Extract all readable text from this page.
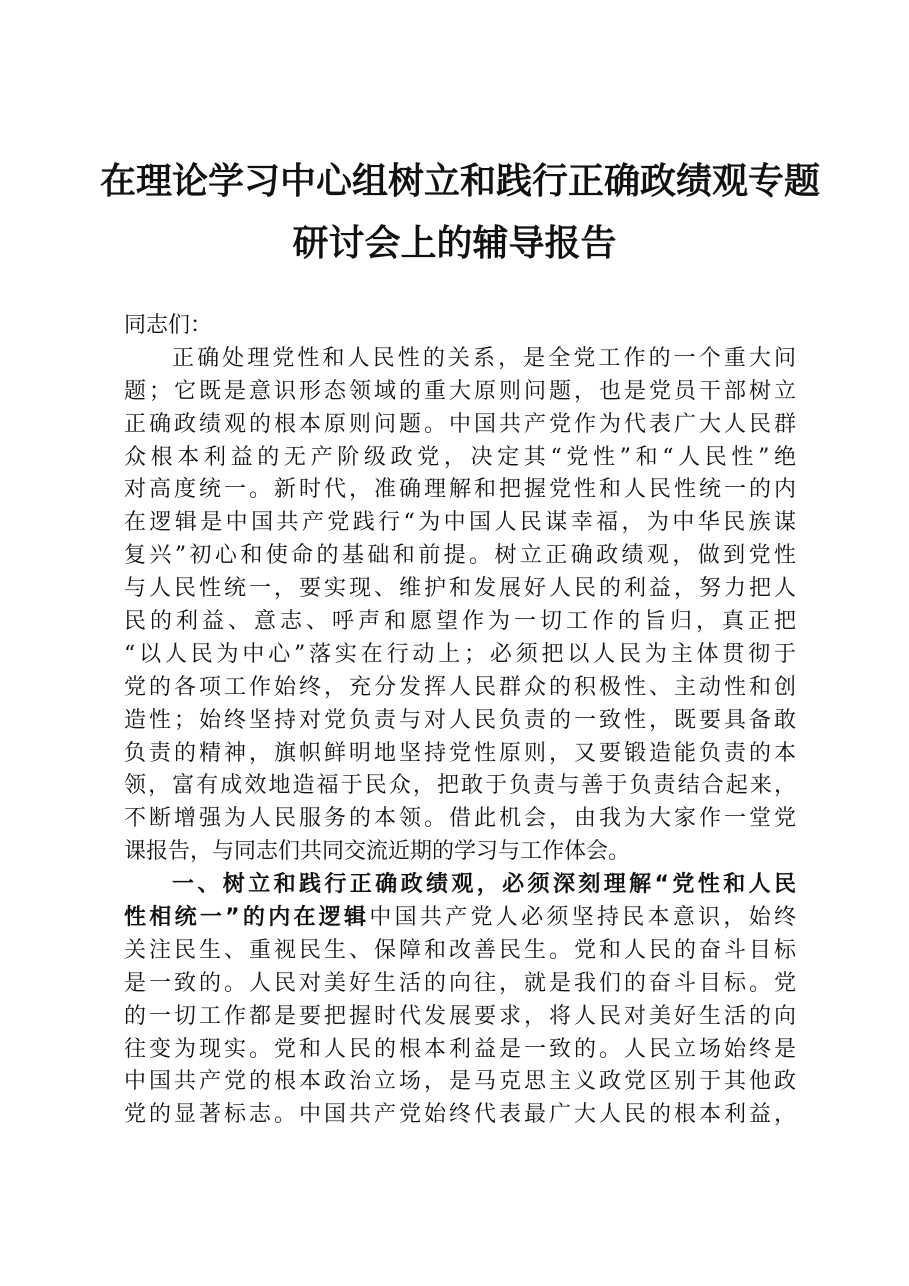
在理论学习中心组树立和践行正确政绩观专题
研讨会上的辅导报告
同志们：
正确处理党性和人民性的关系，是全党工作的一个重大问
题；它既是意识形态领域的重大原则问题，也是党员干部树立
正确政绩观的根本原则问题。中国共产党作为代表广大人民群
众根本利益的无产阶级政党，决定其“党性”和“人民性”绝
对高度统一。新时代，准确理解和把握党性和人民性统一的内
在逻辑是中国共产党践行“为中国人民谋幸福，为中华民族谋
复兴”初心和使命的基础和前提。树立正确政绩观，做到党性
与人民性统一，要实现、维护和发展好人民的利益，努力把人
民的利益、意志、呼声和愿望作为一切工作的旨归，真正把
“以人民为中心”落实在行动上；必须把以人民为主体贯彻于
党的各项工作始终，充分发挥人民群众的积极性、主动性和创
造性；始终坚持对党负责与对人民负责的一致性，既要具备敢
负责的精神，旗帜鲜明地坚持党性原则，又要锻造能负责的本
领，富有成效地造福于民众，把敢于负责与善于负责结合起来，
不断增强为人民服务的本领。借此机会，由我为大家作一堂党
课报告，与同志们共同交流近期的学习与工作体会。
一、树立和践行正确政绩观，必须深刻理解“党性和人民
性相统一”的内在逻辑中国共产党人必须坚持民本意识，始终
关注民生、重视民生、保障和改善民生。党和人民的奋斗目标
是一致的。人民对美好生活的向往，就是我们的奋斗目标。党
的一切工作都是要把握时代发展要求，将人民对美好生活的向
往变为现实。党和人民的根本利益是一致的。人民立场始终是
中国共产党的根本政治立场，是马克思主义政党区别于其他政
党的显著标志。中国共产党始终代表最广大人民的根本利益，
